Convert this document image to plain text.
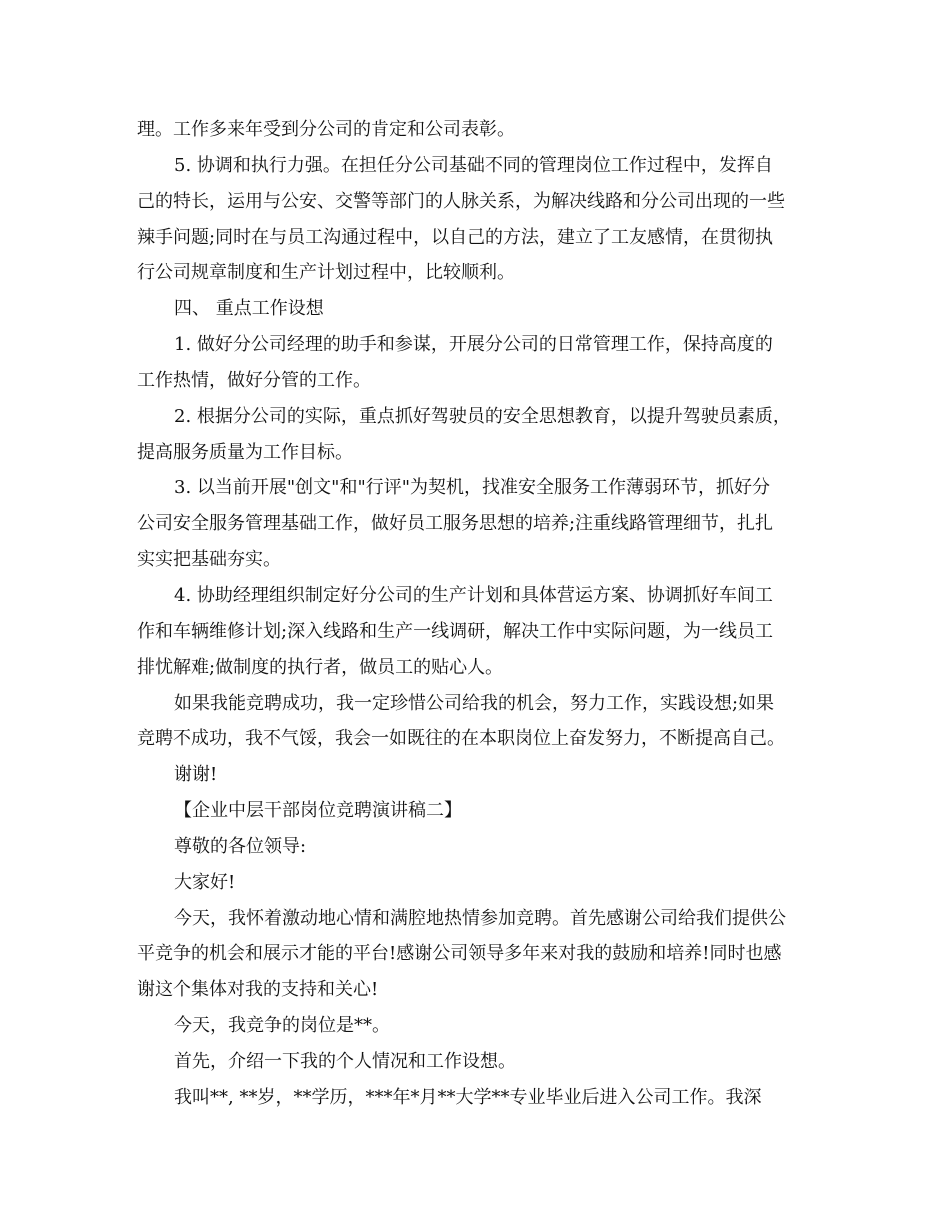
理。工作多来年受到分公司的肯定和公司表彰。

5. 协调和执行力强。在担任分公司基础不同的管理岗位工作过程中，发挥自

己的特长，运用与公安、交警等部门的人脉关系，为解决线路和分公司出现的一些

辣手问题;同时在与员工沟通过程中，以自己的方法，建立了工友感情，在贯彻执

行公司规章制度和生产计划过程中，比较顺利。

四、 重点工作设想

1. 做好分公司经理的助手和参谋，开展分公司的日常管理工作，保持高度的

工作热情，做好分管的工作。

2. 根据分公司的实际，重点抓好驾驶员的安全思想教育，以提升驾驶员素质，

提高服务质量为工作目标。

3. 以当前开展"创文"和"行评"为契机，找准安全服务工作薄弱环节，抓好分

公司安全服务管理基础工作，做好员工服务思想的培养;注重线路管理细节，扎扎

实实把基础夯实。

4. 协助经理组织制定好分公司的生产计划和具体营运方案、协调抓好车间工

作和车辆维修计划;深入线路和生产一线调研，解决工作中实际问题，为一线员工

排忧解难;做制度的执行者，做员工的贴心人。

如果我能竞聘成功，我一定珍惜公司给我的机会，努力工作，实践设想;如果

竞聘不成功，我不气馁，我会一如既往的在本职岗位上奋发努力，不断提高自己。

谢谢!

【企业中层干部岗位竞聘演讲稿二】

尊敬的各位领导:

大家好!

今天，我怀着激动地心情和满腔地热情参加竞聘。首先感谢公司给我们提供公

平竞争的机会和展示才能的平台!感谢公司领导多年来对我的鼓励和培养!同时也感

谢这个集体对我的支持和关心!

今天，我竞争的岗位是**。

首先，介绍一下我的个人情况和工作设想。

我叫**, **岁，**学历，***年*月**大学**专业毕业后进入公司工作。我深
